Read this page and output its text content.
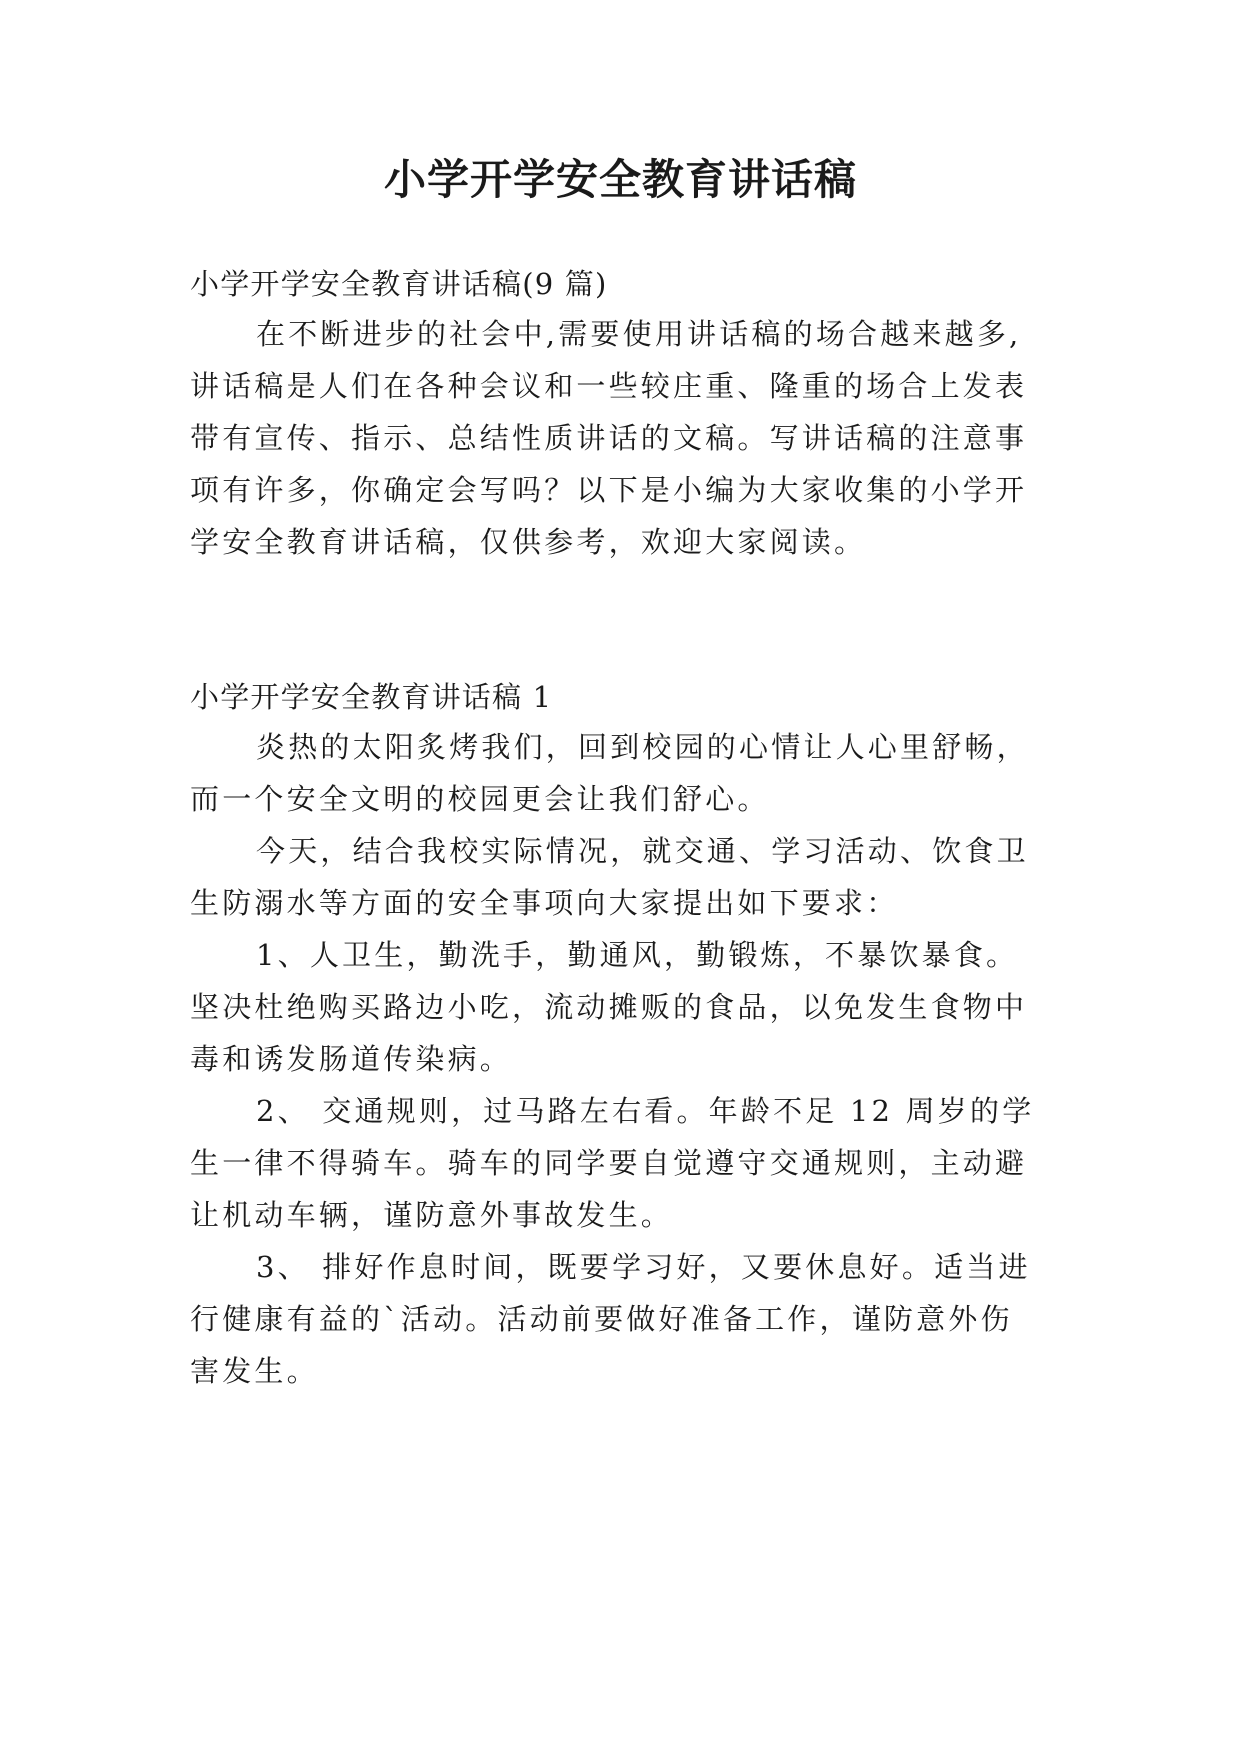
小学开学安全教育讲话稿

小学开学安全教育讲话稿(9 篇)

在不断进步的社会中,需要使用讲话稿的场合越来越多,

讲话稿是人们在各种会议和一些较庄重、隆重的场合上发表

带有宣传、指示、总结性质讲话的文稿。写讲话稿的注意事

项有许多，你确定会写吗？以下是小编为大家收集的小学开

学安全教育讲话稿，仅供参考，欢迎大家阅读。

小学开学安全教育讲话稿 1

炎热的太阳炙烤我们，回到校园的心情让人心里舒畅，

而一个安全文明的校园更会让我们舒心。

今天，结合我校实际情况，就交通、学习活动、饮食卫

生防溺水等方面的安全事项向大家提出如下要求：

1、人卫生，勤洗手，勤通风，勤锻炼，不暴饮暴食。

坚决杜绝购买路边小吃，流动摊贩的食品，以免发生食物中

毒和诱发肠道传染病。

2、 交通规则，过马路左右看。年龄不足 12 周岁的学

生一律不得骑车。骑车的同学要自觉遵守交通规则，主动避

让机动车辆，谨防意外事故发生。

3、 排好作息时间，既要学习好，又要休息好。适当进

行健康有益的`活动。活动前要做好准备工作，谨防意外伤

害发生。
